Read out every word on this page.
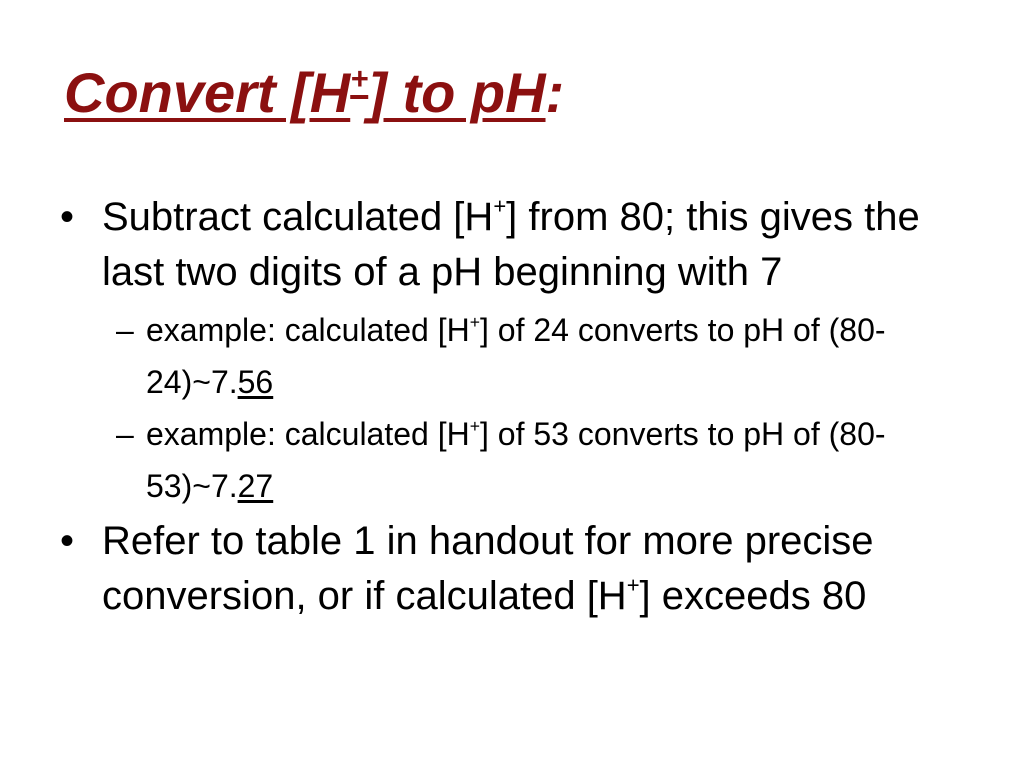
Convert [H+] to pH:
• Subtract calculated [H+] from 80; this gives the last two digits of a pH beginning with 7
– example: calculated [H+] of 24 converts to pH of (80-24)~7.56
– example: calculated [H+] of 53 converts to pH of (80-53)~7.27
• Refer to table 1 in handout for more precise conversion, or if calculated [H+] exceeds 80
